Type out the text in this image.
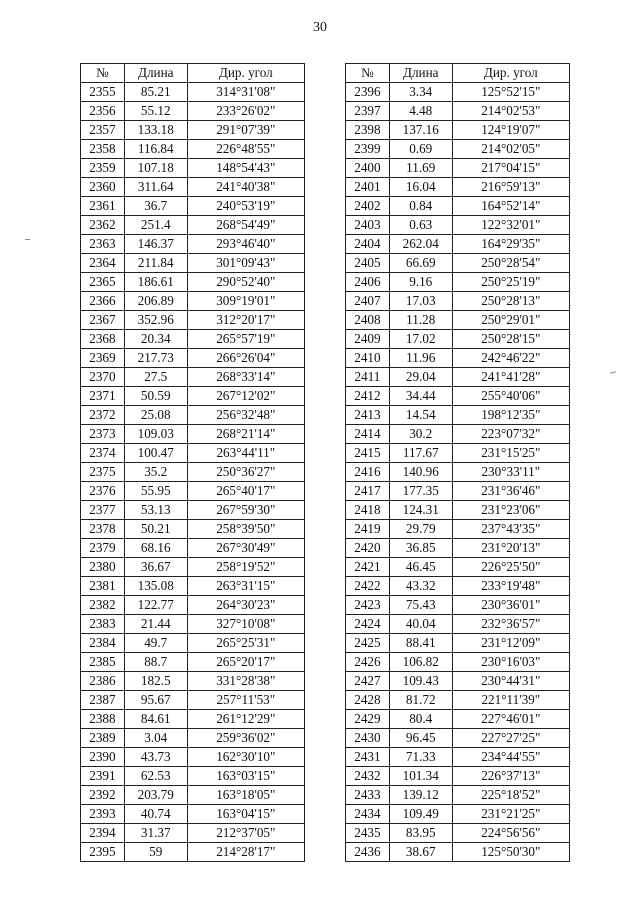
30
№	Длина	Дир. угол
2355	85.21	314°31'08"
2356	55.12	233°26'02"
2357	133.18	291°07'39"
2358	116.84	226°48'55"
2359	107.18	148°54'43"
2360	311.64	241°40'38"
2361	36.7	240°53'19"
2362	251.4	268°54'49"
2363	146.37	293°46'40"
2364	211.84	301°09'43"
2365	186.61	290°52'40"
2366	206.89	309°19'01"
2367	352.96	312°20'17"
2368	20.34	265°57'19"
2369	217.73	266°26'04"
2370	27.5	268°33'14"
2371	50.59	267°12'02"
2372	25.08	256°32'48"
2373	109.03	268°21'14"
2374	100.47	263°44'11"
2375	35.2	250°36'27"
2376	55.95	265°40'17"
2377	53.13	267°59'30"
2378	50.21	258°39'50"
2379	68.16	267°30'49"
2380	36.67	258°19'52"
2381	135.08	263°31'15"
2382	122.77	264°30'23"
2383	21.44	327°10'08"
2384	49.7	265°25'31"
2385	88.7	265°20'17"
2386	182.5	331°28'38"
2387	95.67	257°11'53"
2388	84.61	261°12'29"
2389	3.04	259°36'02"
2390	43.73	162°30'10"
2391	62.53	163°03'15"
2392	203.79	163°18'05"
2393	40.74	163°04'15"
2394	31.37	212°37'05"
2395	59	214°28'17"
№	Длина	Дир. угол
2396	3.34	125°52'15"
2397	4.48	214°02'53"
2398	137.16	124°19'07"
2399	0.69	214°02'05"
2400	11.69	217°04'15"
2401	16.04	216°59'13"
2402	0.84	164°52'14"
2403	0.63	122°32'01"
2404	262.04	164°29'35"
2405	66.69	250°28'54"
2406	9.16	250°25'19"
2407	17.03	250°28'13"
2408	11.28	250°29'01"
2409	17.02	250°28'15"
2410	11.96	242°46'22"
2411	29.04	241°41'28"
2412	34.44	255°40'06"
2413	14.54	198°12'35"
2414	30.2	223°07'32"
2415	117.67	231°15'25"
2416	140.96	230°33'11"
2417	177.35	231°36'46"
2418	124.31	231°23'06"
2419	29.79	237°43'35"
2420	36.85	231°20'13"
2421	46.45	226°25'50"
2422	43.32	233°19'48"
2423	75.43	230°36'01"
2424	40.04	232°36'57"
2425	88.41	231°12'09"
2426	106.82	230°16'03"
2427	109.43	230°44'31"
2428	81.72	221°11'39"
2429	80.4	227°46'01"
2430	96.45	227°27'25"
2431	71.33	234°44'55"
2432	101.34	226°37'13"
2433	139.12	225°18'52"
2434	109.49	231°21'25"
2435	83.95	224°56'56"
2436	38.67	125°50'30"
